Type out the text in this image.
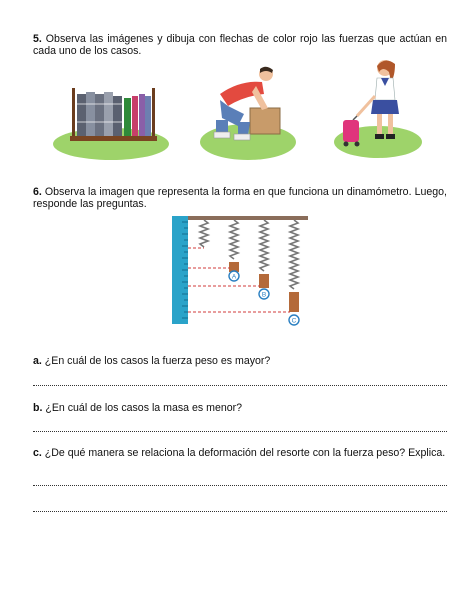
5. Observa las imágenes y dibuja con flechas de color rojo las fuerzas que actúan en cada uno de los casos.
6. Observa la imagen que representa la forma en que funciona un dinamómetro. Luego, responde las preguntas.
A
B
C
a. ¿En cuál de los casos la fuerza peso es mayor?
b. ¿En cuál de los casos la masa es menor?
c. ¿De qué manera se relaciona la deformación del resorte con la fuerza peso? Explica.
